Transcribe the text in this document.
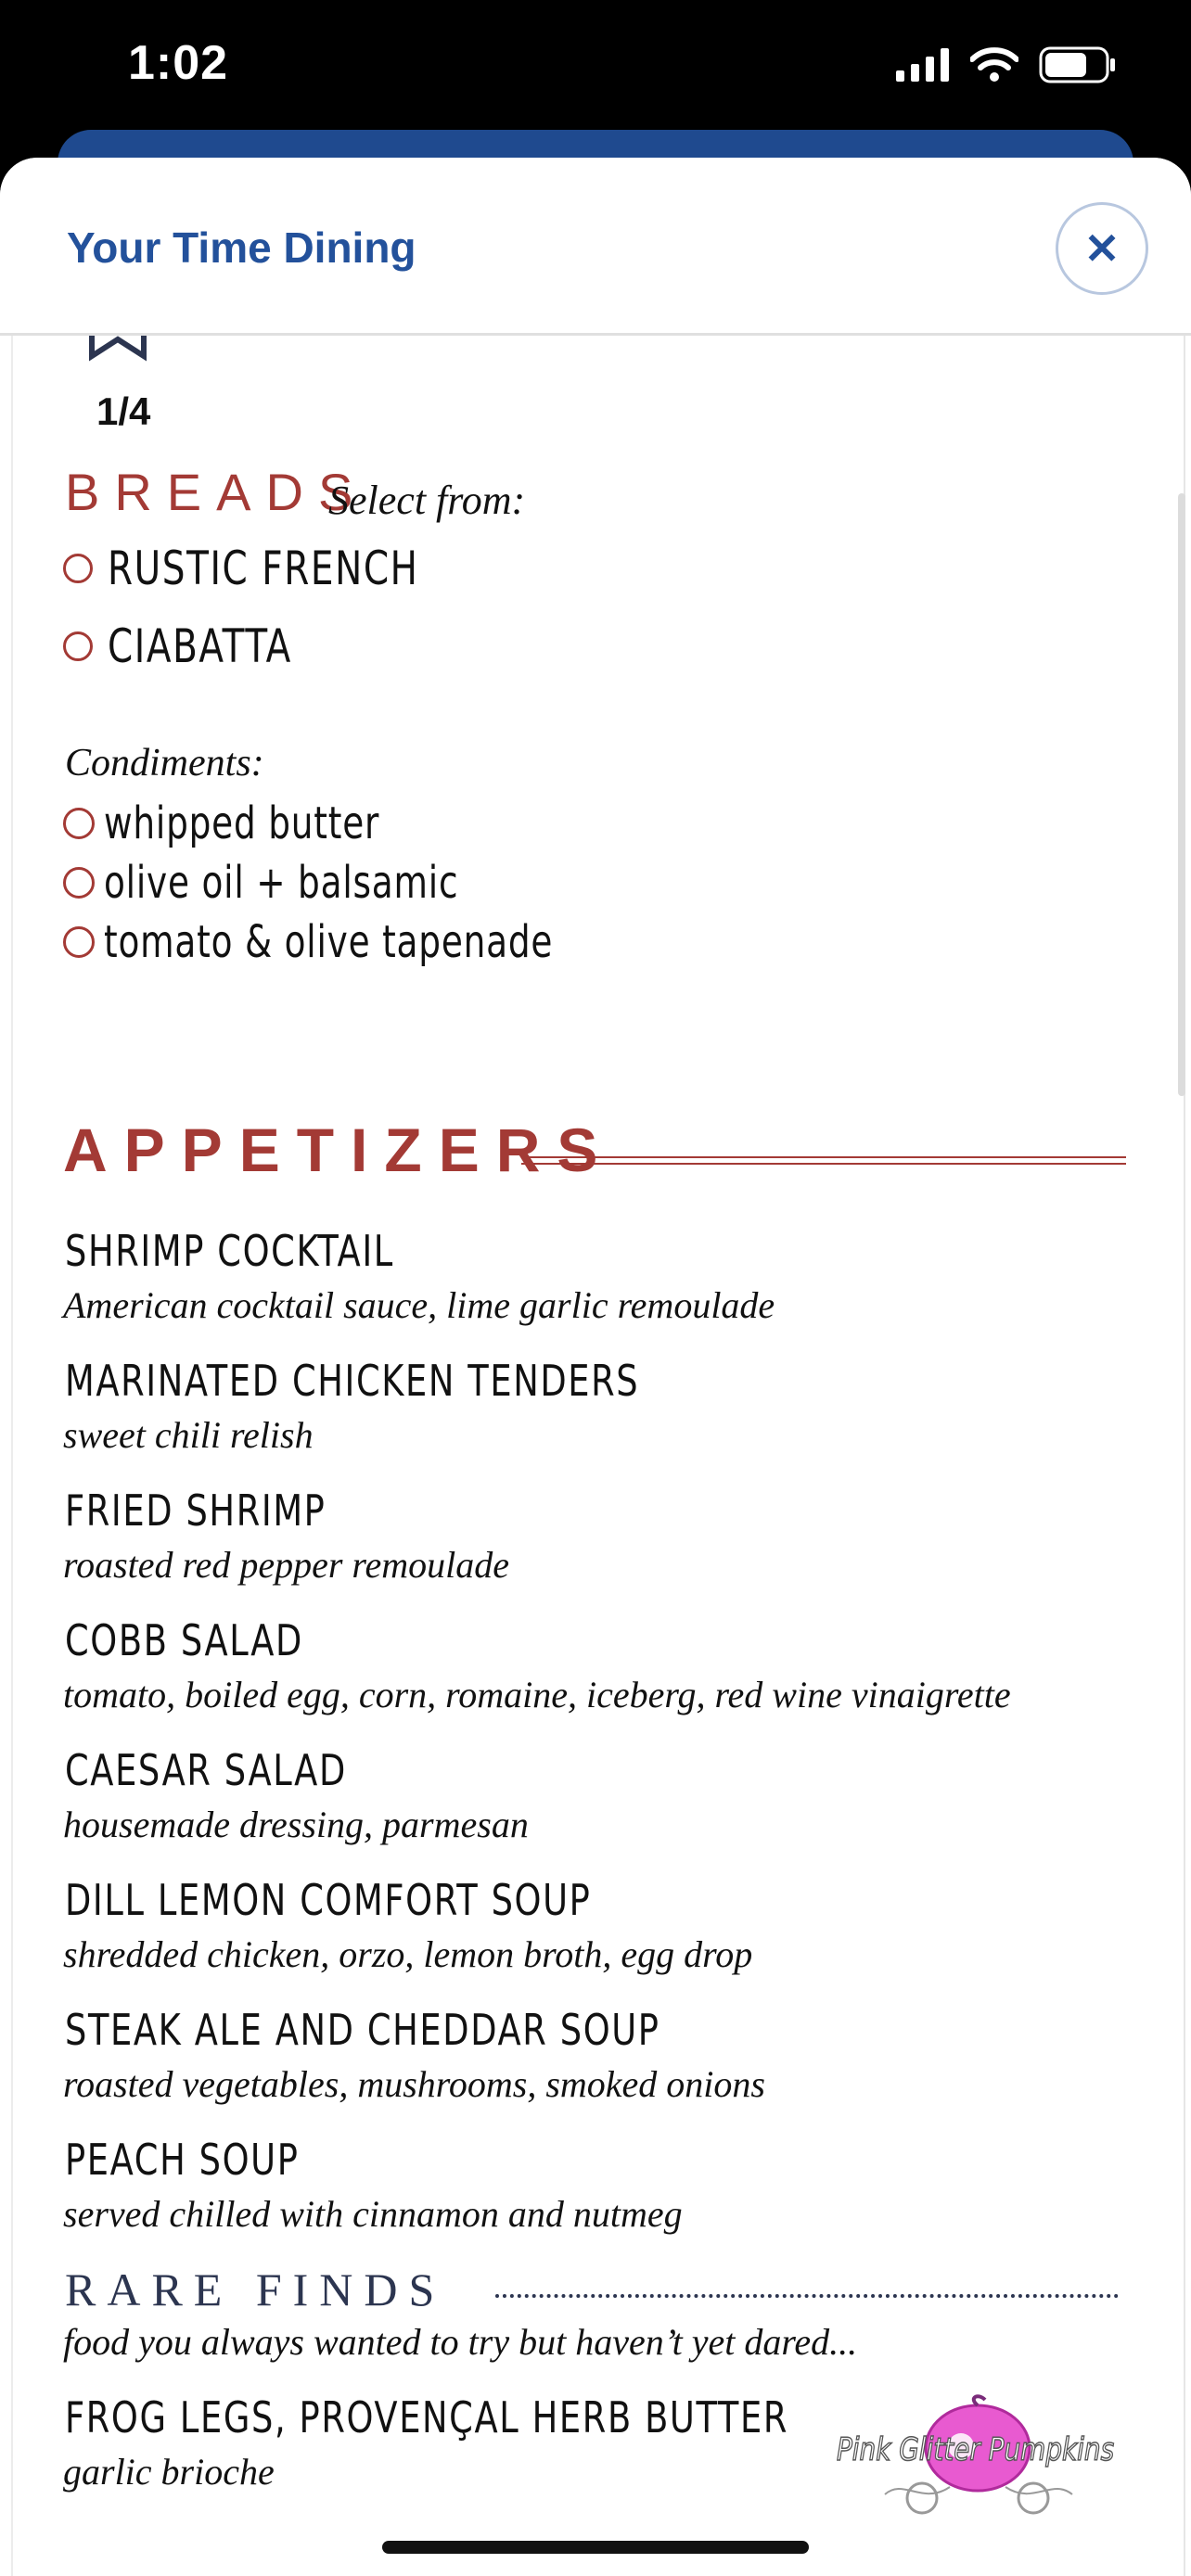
1:02
Your Time Dining	✕
1/4
BREADS
Select from:
RUSTIC FRENCH
CIABATTA
Condiments:
whipped butter
olive oil + balsamic
tomato & olive tapenade
APPETIZERS
SHRIMP COCKTAIL
American cocktail sauce, lime garlic remoulade
MARINATED CHICKEN TENDERS
sweet chili relish
FRIED SHRIMP
roasted red pepper remoulade
COBB SALAD
tomato, boiled egg, corn, romaine, iceberg, red wine vinaigrette
CAESAR SALAD
housemade dressing, parmesan
DILL LEMON COMFORT SOUP
shredded chicken, orzo, lemon broth, egg drop
STEAK ALE AND CHEDDAR SOUP
roasted vegetables, mushrooms, smoked onions
PEACH SOUP
served chilled with cinnamon and nutmeg
RARE FINDS
food you always wanted to try but haven’t yet dared...
FROG LEGS, PROVENÇAL HERB BUTTER
garlic brioche
Pink Glitter Pumpkins
